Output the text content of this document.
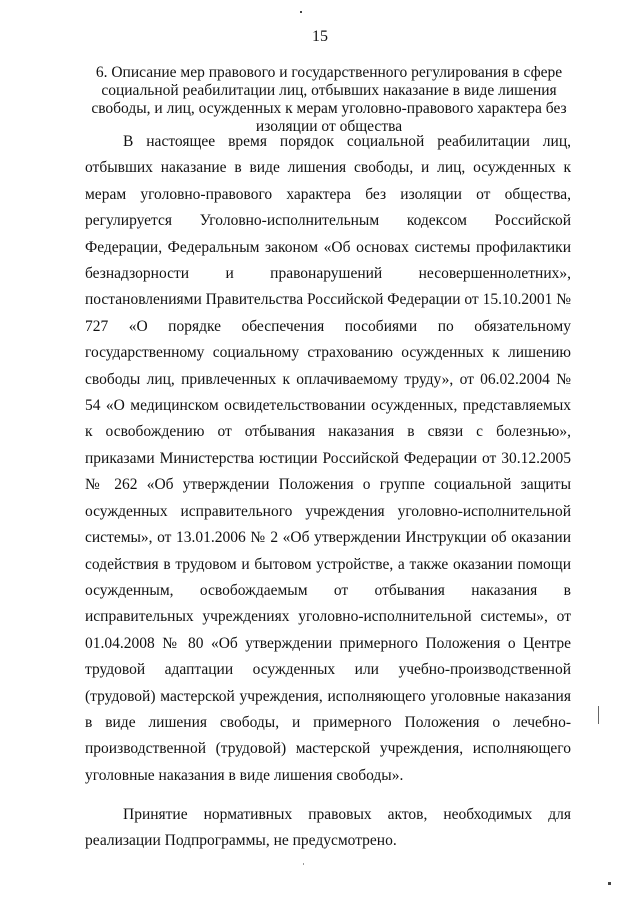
15
6. Описание мер правового и государственного регулирования в сфере социальной реабилитации лиц, отбывших наказание в виде лишения свободы, и лиц, осужденных к мерам уголовно-правового характера без изоляции от общества

В настоящее время порядок социальной реабилитации лиц, отбывших наказание в виде лишения свободы, и лиц, осужденных к мерам уголовно-правового характера без изоляции от общества, регулируется Уголовно-исполнительным кодексом Российской Федерации, Федеральным законом «Об основах системы профилактики безнадзорности и правонарушений несовершеннолетних», постановлениями Правительства Российской Федерации от 15.10.2001 № 727 «О порядке обеспечения пособиями по обязательному государственному социальному страхованию осужденных к лишению свободы лиц, привлеченных к оплачиваемому труду», от 06.02.2004 № 54 «О медицинском освидетельствовании осужденных, представляемых к освобождению от отбывания наказания в связи с болезнью», приказами Министерства юстиции Российской Федерации от 30.12.2005 № 262 «Об утверждении Положения о группе социальной защиты осужденных исправительного учреждения уголовно-исполнительной системы», от 13.01.2006 № 2 «Об утверждении Инструкции об оказании содействия в трудовом и бытовом устройстве, а также оказании помощи осужденным, освобождаемым от отбывания наказания в исправительных учреждениях уголовно-исполнительной системы», от 01.04.2008 № 80 «Об утверждении примерного Положения о Центре трудовой адаптации осужденных или учебно-производственной (трудовой) мастерской учреждения, исполняющего уголовные наказания в виде лишения свободы, и примерного Положения о лечебно-производственной (трудовой) мастерской учреждения, исполняющего уголовные наказания в виде лишения свободы».

Принятие нормативных правовых актов, необходимых для реализации Подпрограммы, не предусмотрено.
